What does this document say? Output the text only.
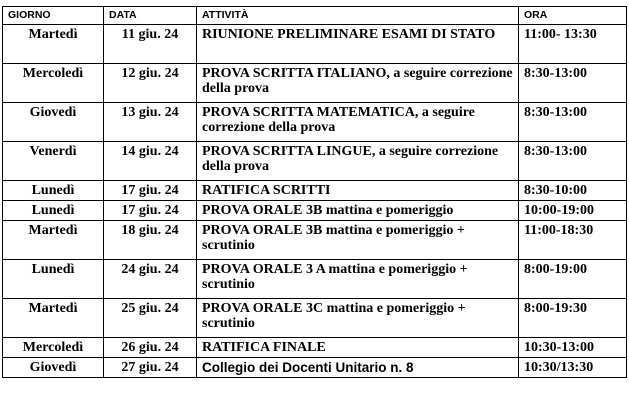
GIORNO	DATA	ATTIVITÀ	ORA
Martedì	11 giu. 24	RIUNIONE PRELIMINARE ESAMI DI STATO	11:00- 13:30
Mercoledì	12 giu. 24	PROVA SCRITTA ITALIANO, a seguire correzione della prova	8:30-13:00
Giovedì	13 giu. 24	PROVA SCRITTA MATEMATICA, a seguire correzione della prova	8:30-13:00
Venerdì	14 giu. 24	PROVA SCRITTA LINGUE, a seguire correzione della prova	8:30-13:00
Lunedì	17 giu. 24	RATIFICA SCRITTI	8:30-10:00
Lunedì	17 giu. 24	PROVA ORALE 3B mattina e pomeriggio	10:00-19:00
Martedì	18 giu. 24	PROVA ORALE 3B mattina e pomeriggio + scrutinio	11:00-18:30
Lunedì	24 giu. 24	PROVA ORALE 3 A mattina e pomeriggio + scrutinio	8:00-19:00
Martedì	25 giu. 24	PROVA ORALE 3C mattina e pomeriggio + scrutinio	8:00-19:30
Mercoledì	26 giu. 24	RATIFICA FINALE	10:30-13:00
Giovedì	27 giu. 24	Collegio dei Docenti Unitario n. 8	10:30/13:30
